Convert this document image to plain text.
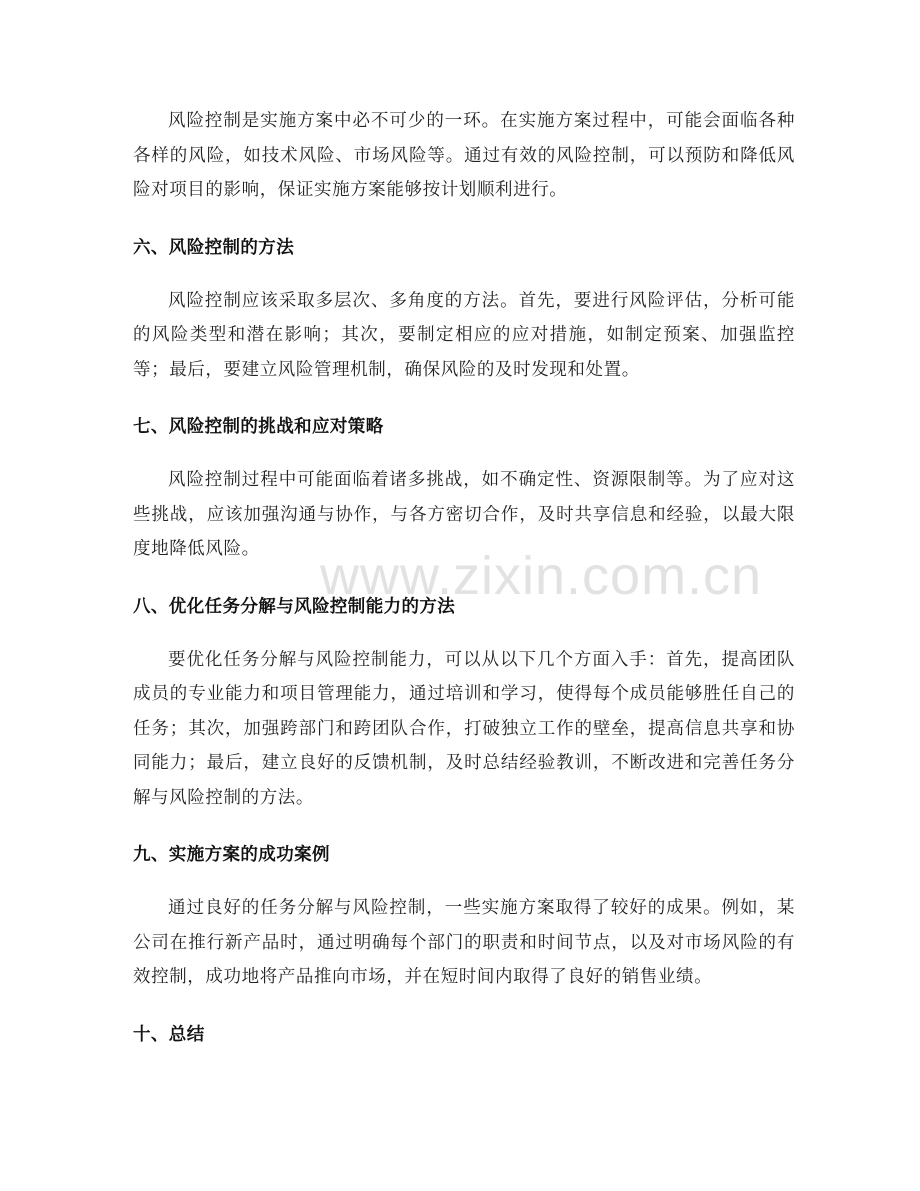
风险控制是实施方案中必不可少的一环。在实施方案过程中，可能会面临各种各样的风险，如技术风险、市场风险等。通过有效的风险控制，可以预防和降低风险对项目的影响，保证实施方案能够按计划顺利进行。

六、风险控制的方法

风险控制应该采取多层次、多角度的方法。首先，要进行风险评估，分析可能的风险类型和潜在影响；其次，要制定相应的应对措施，如制定预案、加强监控等；最后，要建立风险管理机制，确保风险的及时发现和处置。

七、风险控制的挑战和应对策略

风险控制过程中可能面临着诸多挑战，如不确定性、资源限制等。为了应对这些挑战，应该加强沟通与协作，与各方密切合作，及时共享信息和经验，以最大限度地降低风险。

八、优化任务分解与风险控制能力的方法

要优化任务分解与风险控制能力，可以从以下几个方面入手：首先，提高团队成员的专业能力和项目管理能力，通过培训和学习，使得每个成员能够胜任自己的任务；其次，加强跨部门和跨团队合作，打破独立工作的壁垒，提高信息共享和协同能力；最后，建立良好的反馈机制，及时总结经验教训，不断改进和完善任务分解与风险控制的方法。

九、实施方案的成功案例

通过良好的任务分解与风险控制，一些实施方案取得了较好的成果。例如，某公司在推行新产品时，通过明确每个部门的职责和时间节点，以及对市场风险的有效控制，成功地将产品推向市场，并在短时间内取得了良好的销售业绩。

十、总结
www.zixin.com.cn
